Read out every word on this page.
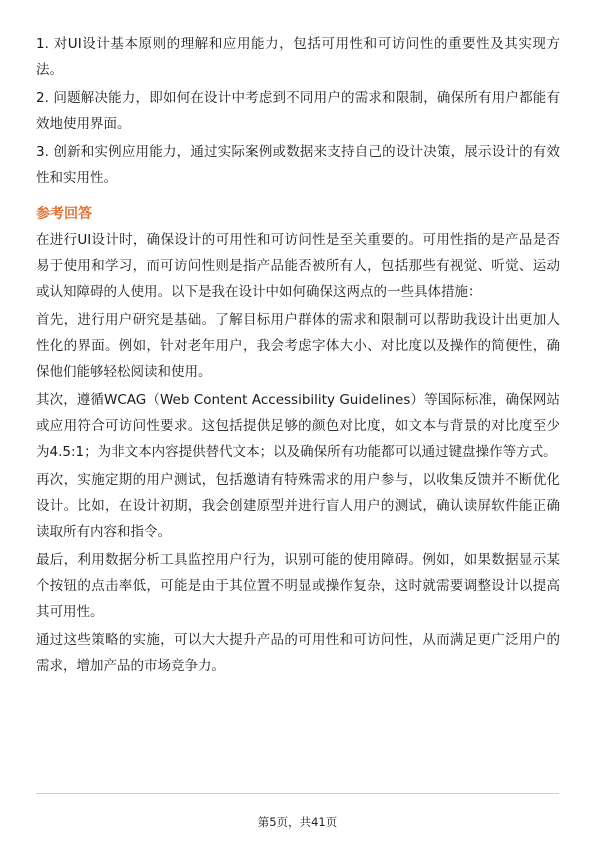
1. 对UI设计基本原则的理解和应用能力，包括可用性和可访问性的重要性及其实现方法。

2. 问题解决能力，即如何在设计中考虑到不同用户的需求和限制，确保所有用户都能有效地使用界面。

3. 创新和实例应用能力，通过实际案例或数据来支持自己的设计决策，展示设计的有效性和实用性。

参考回答

在进行UI设计时，确保设计的可用性和可访问性是至关重要的。可用性指的是产品是否易于使用和学习，而可访问性则是指产品能否被所有人，包括那些有视觉、听觉、运动或认知障碍的人使用。以下是我在设计中如何确保这两点的一些具体措施：

首先，进行用户研究是基础。了解目标用户群体的需求和限制可以帮助我设计出更加人性化的界面。例如，针对老年用户，我会考虑字体大小、对比度以及操作的简便性，确保他们能够轻松阅读和使用。

其次，遵循WCAG（Web Content Accessibility Guidelines）等国际标准，确保网站或应用符合可访问性要求。这包括提供足够的颜色对比度，如文本与背景的对比度至少为4.5:1；为非文本内容提供替代文本；以及确保所有功能都可以通过键盘操作等方式。

再次，实施定期的用户测试，包括邀请有特殊需求的用户参与，以收集反馈并不断优化设计。比如，在设计初期，我会创建原型并进行盲人用户的测试，确认读屏软件能正确读取所有内容和指令。

最后，利用数据分析工具监控用户行为，识别可能的使用障碍。例如，如果数据显示某个按钮的点击率低，可能是由于其位置不明显或操作复杂，这时就需要调整设计以提高其可用性。

通过这些策略的实施，可以大大提升产品的可用性和可访问性，从而满足更广泛用户的需求，增加产品的市场竞争力。

第5页，共41页
